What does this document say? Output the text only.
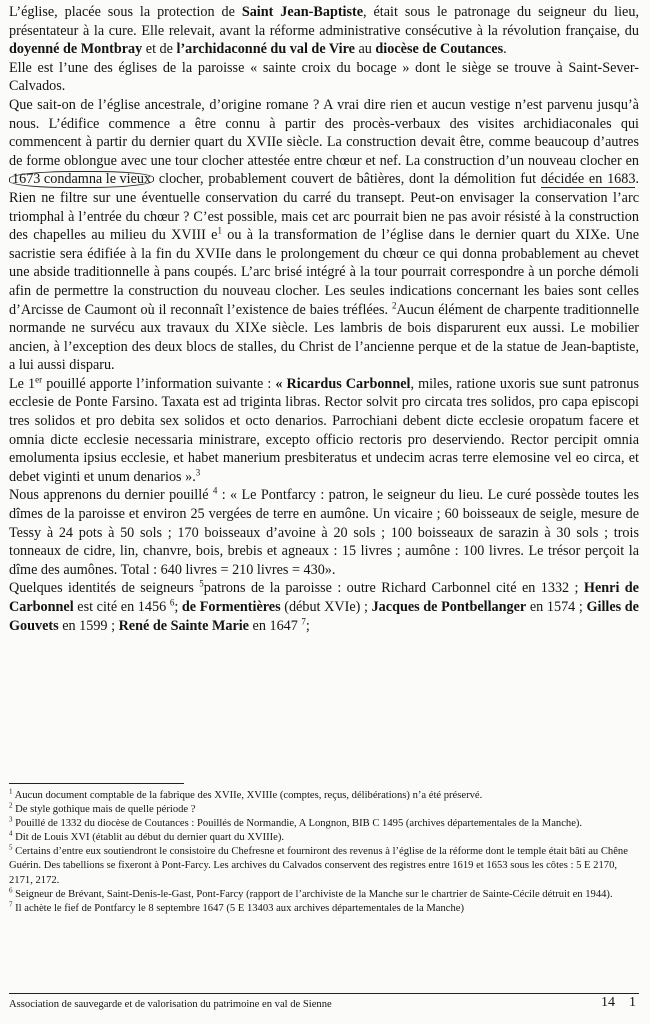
L’église, placée sous la protection de Saint Jean-Baptiste, était sous le patronage du seigneur du lieu, présentateur à la cure. Elle relevait, avant la réforme administrative consécutive à la révolution française, du doyenné de Montbray et de l’archidaconné du val de Vire au diocèse de Coutances.

Elle est l’une des églises de la paroisse « sainte croix du bocage » dont le siège se trouve à Saint-Sever-Calvados.

Que sait-on de l’église ancestrale, d’origine romane ? A vrai dire rien et aucun vestige n’est parvenu jusqu’à nous. L’édifice commence a être connu à partir des procès-verbaux des visites archidiaconales qui commencent à partir du dernier quart du XVIIe siècle. La construction devait être, comme beaucoup d’autres de forme oblongue avec une tour clocher attestée entre chœur et nef. La construction d’un nouveau clocher en 1673 condamna le vieux clocher, probablement couvert de bâtières, dont la démolition fut décidée en 1683. Rien ne filtre sur une éventuelle conservation du carré du transept. Peut-on envisager la conservation l’arc triomphal à l’entrée du chœur ? C’est possible, mais cet arc pourrait bien ne pas avoir résisté à la construction des chapelles au milieu du XVIII $e^1$ ou à la transformation de l’église dans le dernier quart du XIXe. Une sacristie sera édifiée à la fin du XVIIe dans le prolongement du chœur ce qui donna probablement au chevet une abside traditionnelle à pans coupés. L’arc brisé intégré à la tour pourrait correspondre à un porche démoli afin de permettre la construction du nouveau clocher. Les seules indications concernant les baies sont celles d’Arcisse de Caumont où il reconnaît l’existence de baies tréflées. $^2$Aucun élément de charpente traditionnelle normande ne survécu aux travaux du XIXe siècle. Les lambris de bois disparurent eux aussi. Le mobilier ancien, à l’exception des deux blocs de stalles, du Christ de l’ancienne perque et de la statue de Jean-baptiste, a lui aussi disparu.

Le 1er pouillé apporte l’information suivante : « Ricardus Carbonnel, miles, ratione uxoris sue sunt patronus ecclesie de Ponte Farsino. Taxata est ad triginta libras. Rector solvit pro circata tres solidos, pro capa episcopi tres solidos et pro debita sex solidos et octo denarios. Parrochiani debent dicte ecclesie oropatum facere et omnia dicte ecclesie necessaria ministrare, excepto officio rectoris pro deserviendo. Rector percipit omnia emolumenta ipsius ecclesie, et habet manerium presbiteratus et undecim acras terre elemosine vel eo circa, et debet viginti et unum denarios ».$^3$

Nous apprenons du dernier pouillé $^4$ : « Le Pontfarcy : patron, le seigneur du lieu. Le curé possède toutes les dîmes de la paroisse et environ 25 vergées de terre en aumône. Un vicaire ; 60 boisseaux de seigle, mesure de Tessy à 24 pots à 50 sols ; 170 boisseaux d’avoine à 20 sols ; 100 boisseaux de sarazin à 30 sols ; trois tonneaux de cidre, lin, chanvre, bois, brebis et agneaux : 15 livres ; aumône : 100 livres. Le trésor perçoit la dîme des aumônes. Total : 640 livres = 210 livres = 430».

Quelques identités de seigneurs $^5$patrons de la paroisse : outre Richard Carbonnel cité en 1332 ; Henri de Carbonnel est cité en 1456 $^6$; de Formentières (début XVIe) ; Jacques de Pontbellanger en 1574 ; Gilles de Gouvets en 1599 ; René de Sainte Marie en 1647 $^7$;

$^1$ Aucun document comptable de la fabrique des XVIIe, XVIIIe (comptes, reçus, délibérations) n’a été préservé.

$^2$ De style gothique mais de quelle période ?

$^3$ Pouillé de 1332 du diocèse de Coutances : Pouillés de Normandie, A Longnon, BIB C 1495 (archives départementales de la Manche).

$^4$ Dit de Louis XVI (établit au début du dernier quart du XVIIIe).

$^5$ Certains d’entre eux soutiendront le consistoire du Chefresne et fourniront des revenus à l’église de la réforme dont le temple était bâti au Chêne Guérin. Des tabellions se fixeront à Pont-Farcy. Les archives du Calvados conservent des registres entre 1619 et 1653 sous les côtes : 5 E 2170, 2171, 2172.

$^6$ Seigneur de Brévant, Saint-Denis-le-Gast, Pont-Farcy (rapport de l’archiviste de la Manche sur le chartrier de Sainte-Cécile détruit en 1944).

$^7$ Il achète le fief de Pontfarcy le 8 septembre 1647 (5 E 13403 aux archives départementales de la Manche)

Association de sauvegarde et de valorisation du patrimoine en val de Sienne	14 1
